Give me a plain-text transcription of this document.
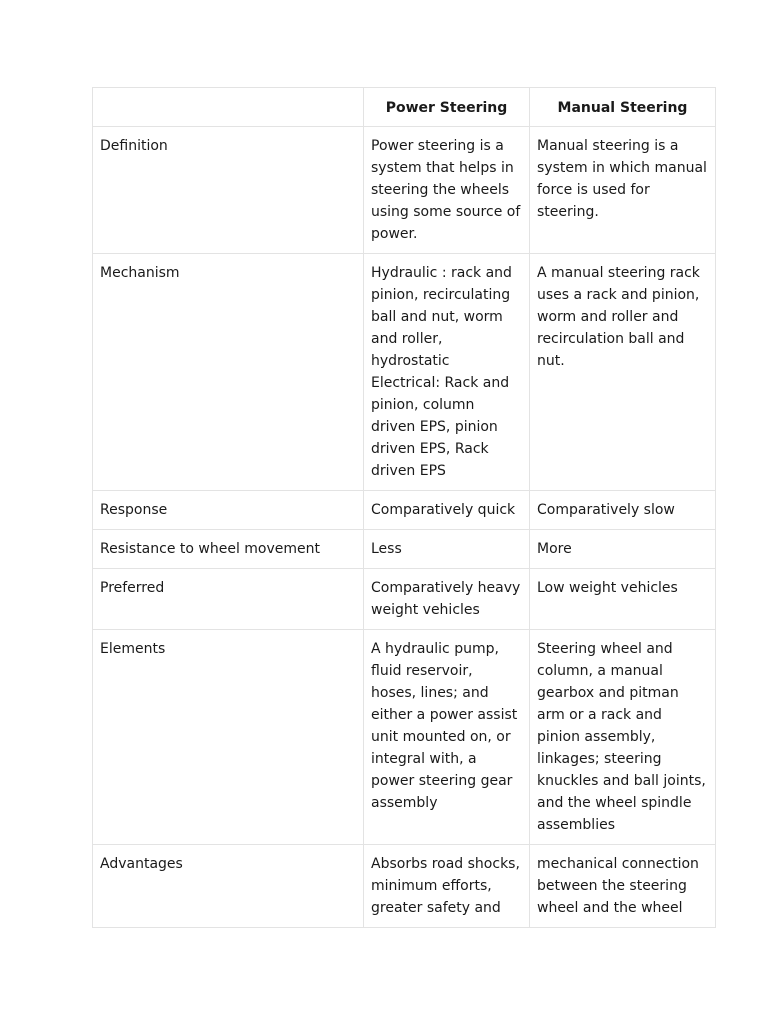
	Power Steering	Manual Steering
Definition	Power steering is a system that helps in steering the wheels using some source of power.	Manual steering is a system in which manual force is used for steering.
Mechanism	Hydraulic : rack and pinion, recirculating ball and nut, worm and roller, hydrostatic Electrical: Rack and pinion, column driven EPS, pinion driven EPS, Rack driven EPS	A manual steering rack uses a rack and pinion, worm and roller and recirculation ball and nut.
Response	Comparatively quick	Comparatively slow
Resistance to wheel movement	Less	More
Preferred	Comparatively heavy weight vehicles	Low weight vehicles
Elements	A hydraulic pump, fluid reservoir, hoses, lines; and either a power assist unit mounted on, or integral with, a power steering gear assembly	Steering wheel and column, a manual gearbox and pitman arm or a rack and pinion assembly, linkages; steering knuckles and ball joints, and the wheel spindle assemblies
Advantages	Absorbs road shocks, minimum efforts, greater safety and	mechanical connection between the steering wheel and the wheel
